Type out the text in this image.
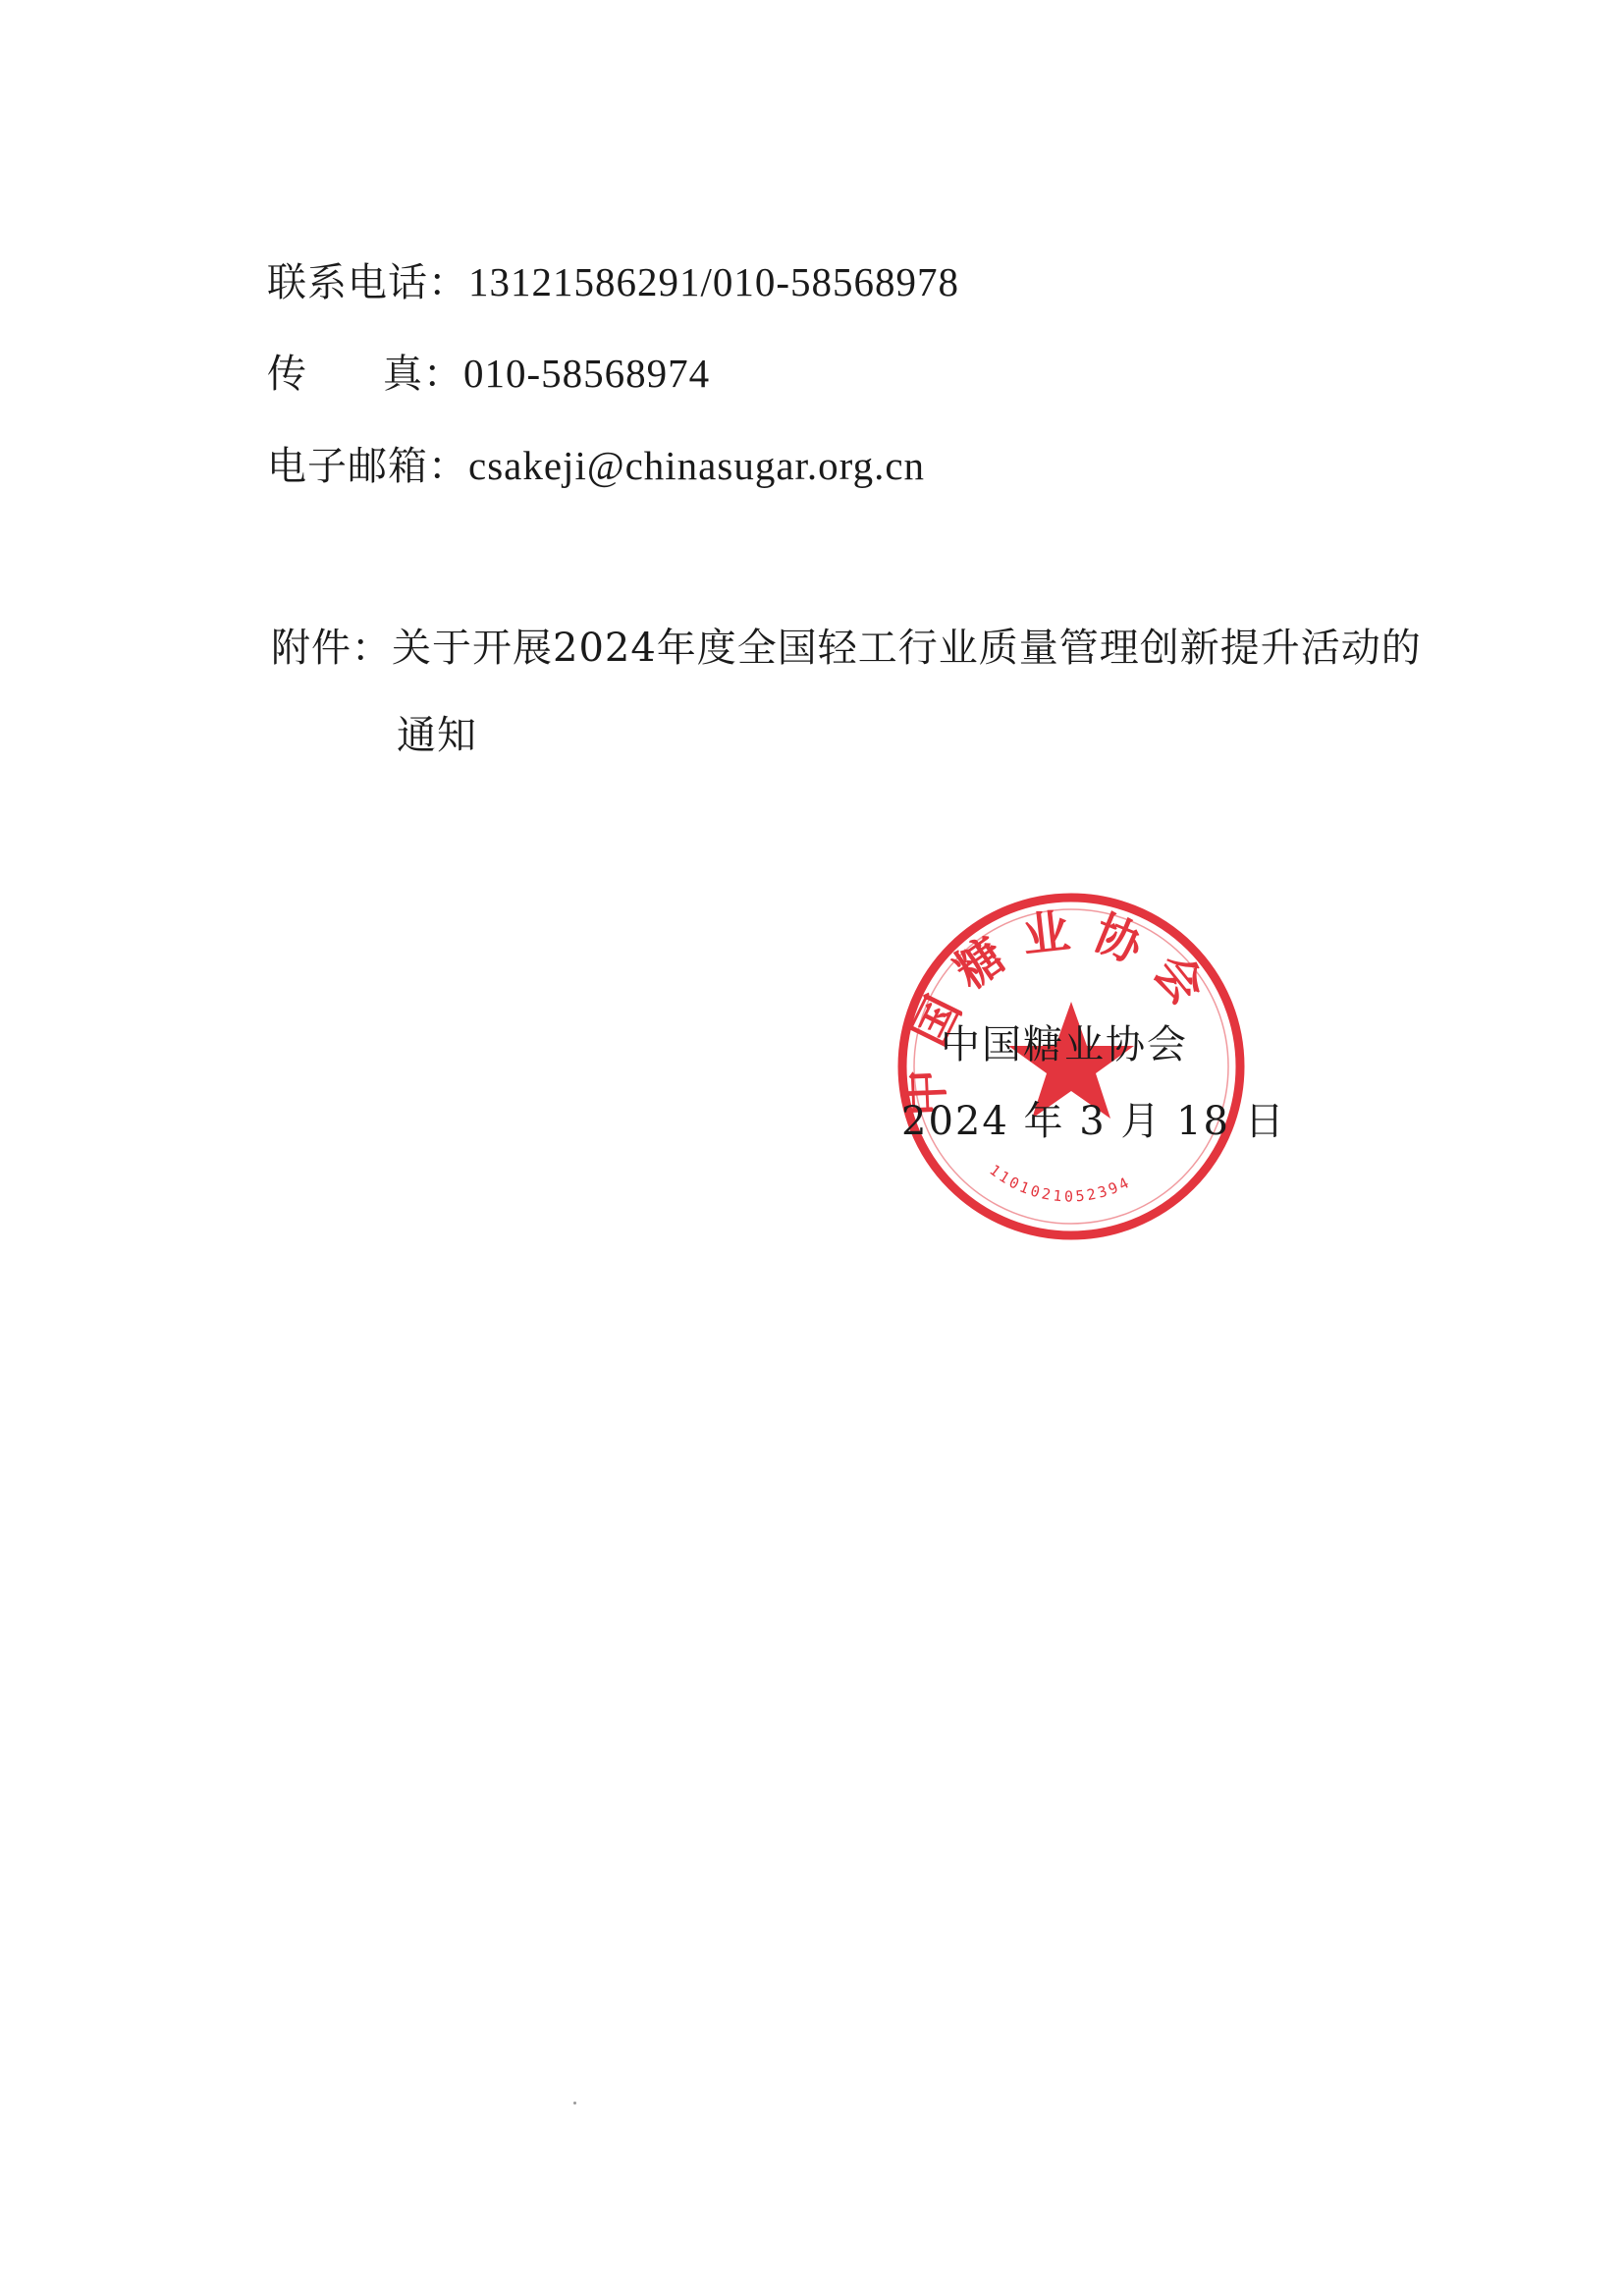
联系电话：13121586291/010-58568978
传 真：010-58568974
电子邮箱：csakeji@chinasugar.org.cn
附件：关于开展2024年度全国轻工行业质量管理创新提升活动的
通知
中国糖业协会
1101021052394
中国糖业协会
2024 年 3 月 18 日
